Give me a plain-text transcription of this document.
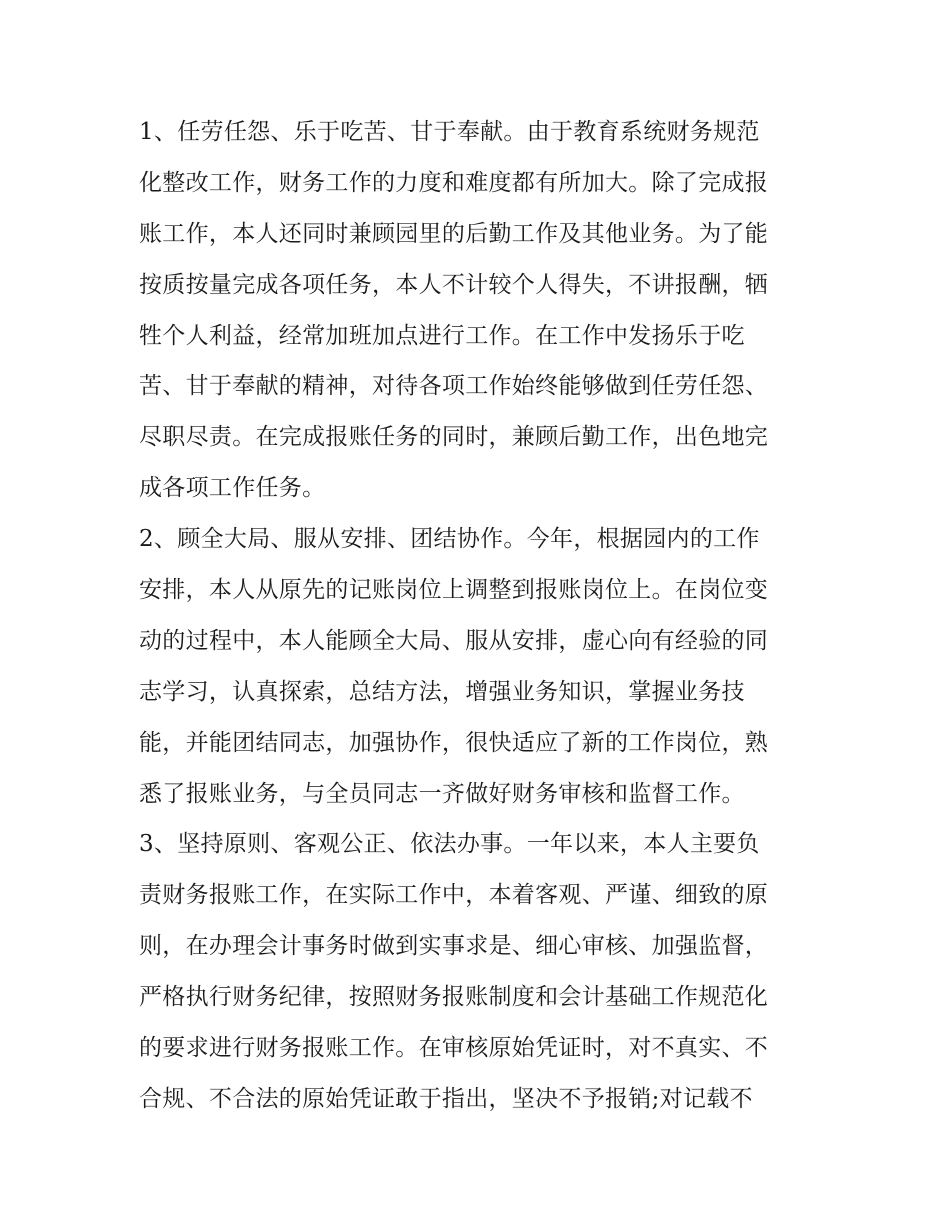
1、任劳任怨、乐于吃苦、甘于奉献。由于教育系统财务规范
化整改工作，财务工作的力度和难度都有所加大。除了完成报
账工作，本人还同时兼顾园里的后勤工作及其他业务。为了能
按质按量完成各项任务，本人不计较个人得失，不讲报酬，牺
牲个人利益，经常加班加点进行工作。在工作中发扬乐于吃
苦、甘于奉献的精神，对待各项工作始终能够做到任劳任怨、
尽职尽责。在完成报账任务的同时，兼顾后勤工作，出色地完
成各项工作任务。
2、顾全大局、服从安排、团结协作。今年，根据园内的工作
安排，本人从原先的记账岗位上调整到报账岗位上。在岗位变
动的过程中，本人能顾全大局、服从安排，虚心向有经验的同
志学习，认真探索，总结方法，增强业务知识，掌握业务技
能，并能团结同志，加强协作，很快适应了新的工作岗位，熟
悉了报账业务，与全员同志一齐做好财务审核和监督工作。
3、坚持原则、客观公正、依法办事。一年以来，本人主要负
责财务报账工作，在实际工作中，本着客观、严谨、细致的原
则，在办理会计事务时做到实事求是、细心审核、加强监督，
严格执行财务纪律，按照财务报账制度和会计基础工作规范化
的要求进行财务报账工作。在审核原始凭证时，对不真实、不
合规、不合法的原始凭证敢于指出，坚决不予报销;对记载不
